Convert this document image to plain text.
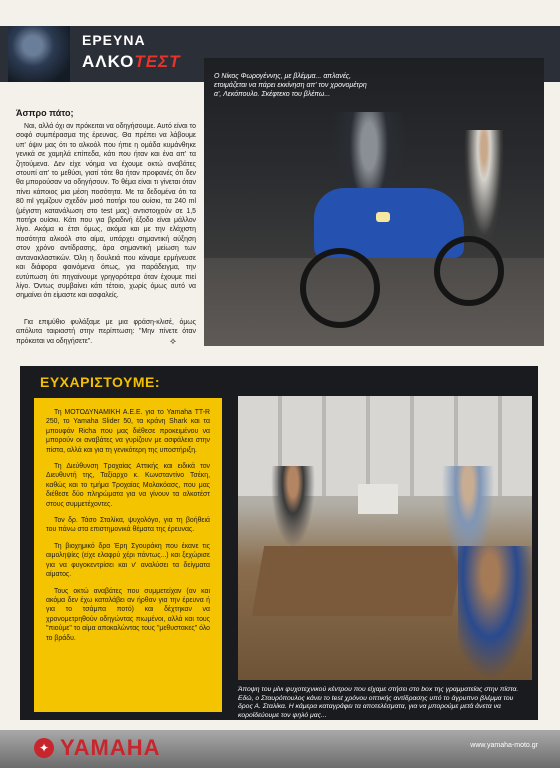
ΕΡΕΥΝΑ
ΑΛΚΟΤΕΣΤ
Ο Νίκος Φωρογέννης, με βλέμμα... απλανές, ετοιμάζεται να πάρει εκκίνηση απ' τον χρονομέτρη α', Λεκόπουλο. Σκέφτεκο του βλέπω...
Άσπρο πάτο;
Ναι, αλλά όχι αν πρόκειται να οδηγήσουμε. Αυτό είναι το σοφό συμπέρασμα της έρευνας. Θα πρέπει να λάβουμε υπ' όψιν μας ότι το αλκοόλ που ήπιε η ομάδα κυμάνθηκε γενικά σε χαμηλά επίπεδα, κάτι που ήταν και ένα απ' τα ζητούμενα. Δεν είχε νόημα να έχουμε οκτώ αναβάτες στουπί απ' το μεθύσι, γιατί τότε θα ήταν προφανές ότι δεν θα μπορούσαν να οδηγήσουν. Το θέμα είναι τι γίνεται όταν πίνει κάποιος μια μέση ποσότητα. Με τα δεδομένα ότι τα 80 ml γεμίζουν σχεδόν μισό ποτήρι του ουίσκι, τα 240 ml (μέγιστη κατανάλωση στο test μας) αντιστοιχούν σε 1,5 ποτήρι ουίσκι. Κάτι που για βραδινή έξοδο είναι μάλλον λίγο. Ακόμα κι έτσι όμως, ακόμα και με την ελάχιστη ποσότητα αλκοόλ στο αίμα, υπάρχει σημαντική αύξηση στον χρόνο αντίδρασης, άρα σημαντική μείωση των αντανακλαστικών. Όλη η δουλειά που κάναμε ερμήνευσε και διάφορα φαινόμενα όπως, για παράδειγμα, την ευτύπωση ότι πηγαίνουμε γρηγορότερα όταν έχουμε πιεί λίγο. Όντως συμβαίνει κάτι τέτοιο, χωρίς όμως αυτό να σημαίνει ότι είμαστε και ασφαλείς.
Για επιμύθιο φυλάξαμε με μια φράση-κλισέ, όμως απόλυτα ταιριαστή στην περίπτωση: "Μην πίνετε όταν πρόκειται να οδηγήσετε".	⟡
ΕΥΧΑΡΙΣΤΟΥΜΕ:

Τη ΜΟΤΟΔΥΝΑΜΙΚΗ Α.Ε.Ε. για το Yamaha TT-R 250, το Yamaha Slider 50, τα κράνη Shark και τα μπουφάν Richa που μας διέθεσε προκειμένου να μπορούν οι αναβάτες να γυρίζουν με ασφάλεια στην πίστα, αλλά και για τη γενικότερη της υποστήριξη.

Τη Διεύθυνση Τροχαίας Αττικής και ειδικά τον Διευθυντή της, Ταξίαρχο κ. Κωνσταντίνο Τσέκη, καθώς και το τμήμα Τροχαίας Μολακόασς, που μας διέθεσε δύο πληρώματα για να γίνουν τα αλκοτέστ στους συμμετέχοντες.

Τον δρ. Τάσο Σταλίκα, ψυχολόγο, για τη βοήθειά του πάνω στα επιστημονικά θέματα της έρευνας.

Τη βιοχημικό δρα Έρη Σγουράκη που έκανε τις αιμοληψίες (είχε ελαφρύ χέρι πάντως...) και ξεχώρισε για να φυγοκεντρίσει και ν' αναλύσει τα δείγματα αίματος.

Τους οκτώ αναβάτες που συμμετείχαν (αν και ακόμα δεν έχω καταλάβει αν ήρθαν για την έρευνα ή για το τσάμπα ποτό) και δέχτηκαν να χρονομετρηθούν οδηγώντας πιωμένοι, αλλά και τους "πιούμε" το αίμα αποκαλώντας τους "μεθυστακες" όλο το βράδυ.

Άποψη του μίνι ψυχοτεχνικού κέντρου που είχαμε στήσει στο box της γραμματείας στην πίστα. Εδώ, ο Σταυρόπουλος κάνει το test χρόνου οπτικής αντίδρασης υπό το άγρυπνο βλέμμα του δρος Α. Σταλίκα. Η κάμερα καταγράφει τα αποτελέσματα, για να μπορούμε μετά άνετα να κοροϊδεύουμε τον ψηλό μας...
✦ YAMAHA	www.yamaha-moto.gr
